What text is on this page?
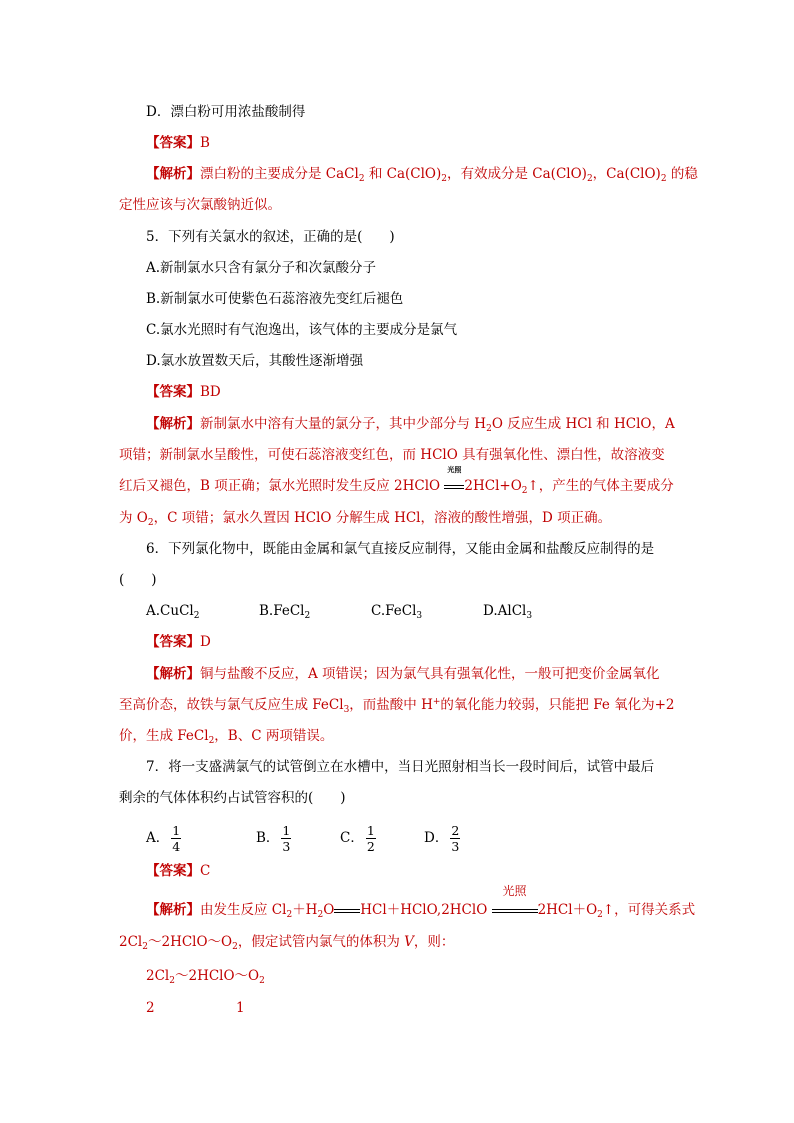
D．漂白粉可用浓盐酸制得
【答案】B
【解析】漂白粉的主要成分是 CaCl$_2$ 和 $Ca(ClO)_2$，有效成分是 $Ca(ClO)_2$，$Ca(ClO)_2$ 的稳
定性应该与次氯酸钠近似。
5．下列有关氯水的叙述，正确的是(　　)
A.新制氯水只含有氯分子和次氯酸分子
B.新制氯水可使紫色石蕊溶液先变红后褪色
C.氯水光照时有气泡逸出，该气体的主要成分是氯气
D.氯水放置数天后，其酸性逐渐增强
【答案】BD
【解析】新制氯水中溶有大量的氯分子，其中少部分与 $H_2O$ 反应生成 HCl 和 HClO，A
项错；新制氯水呈酸性，可使石蕊溶液变红色，而 HClO 具有强氧化性、漂白性，故溶液变
红后又褪色，B 项正确；氯水光照时发生反应 2HClO
光照
$2HCl+O_2↑$，产生的气体主要成分
为 $O_2$，C 项错；氯水久置因 HClO 分解生成 HCl，溶液的酸性增强，D 项正确。
6．下列氯化物中，既能由金属和氯气直接反应制得，又能由金属和盐酸反应制得的是
(　　)
A.CuCl$_2$	B.FeCl$_2$	C.FeCl$_3$	D.AlCl$_3$
【答案】D
【解析】铜与盐酸不反应，A 项错误；因为氯气具有强氧化性，一般可把变价金属氧化
至高价态，故铁与氯气反应生成 FeCl$_3$，而盐酸中 H+的氧化能力较弱，只能把 Fe 氧化为+2
价，生成 FeCl$_2$，B、C 两项错误。
7．将一支盛满氯气的试管倒立在水槽中，当日光照射相当长一段时间后，试管中最后
剩余的气体体积约占试管容积的(　　)
A． $\frac{1}{4}$	B． $\frac{1}{3}$	C． $\frac{1}{2}$	D． $\frac{2}{3}$
【答案】C
【解析】由发生反应 $Cl_2+H_2O$ HCl＋HClO,2HClO
光照
$2HCl+O_2↑$，可得关系式
$2Cl_2\sim 2HClO\sim O_2$，假定试管内氯气的体积为 V，则：
$2Cl_2\sim 2HClO\sim O_2$
2	1
